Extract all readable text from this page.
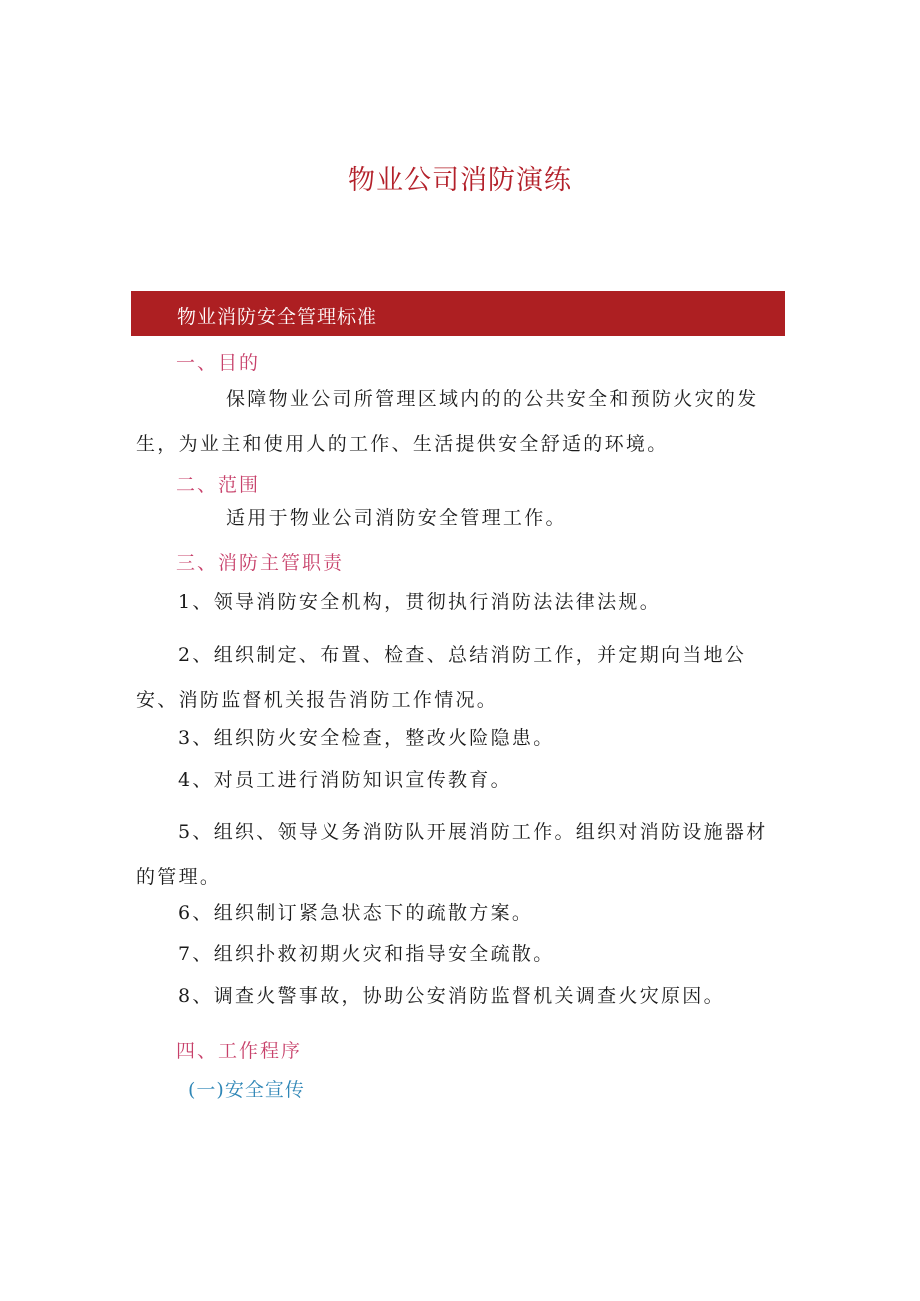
物业公司消防演练
物业消防安全管理标准
一、目的
保障物业公司所管理区域内的的公共安全和预防火灾的发生，为业主和使用人的工作、生活提供安全舒适的环境。
二、范围
适用于物业公司消防安全管理工作。
三、消防主管职责
1、领导消防安全机构，贯彻执行消防法法律法规。
2、组织制定、布置、检查、总结消防工作，并定期向当地公安、消防监督机关报告消防工作情况。
3、组织防火安全检查，整改火险隐患。
4、对员工进行消防知识宣传教育。
5、组织、领导义务消防队开展消防工作。组织对消防设施器材的管理。
6、组织制订紧急状态下的疏散方案。
7、组织扑救初期火灾和指导安全疏散。
8、调查火警事故，协助公安消防监督机关调查火灾原因。
四、工作程序
(一)安全宣传
